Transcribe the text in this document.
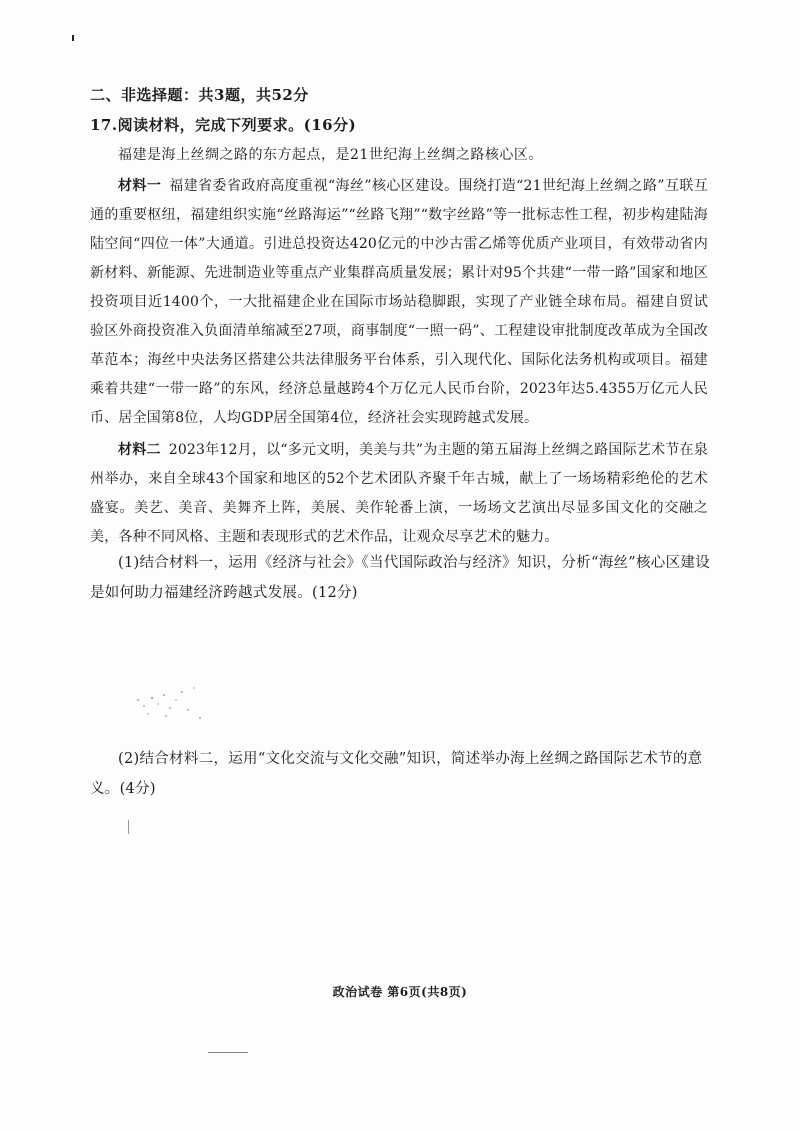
二、非选择题：共3题，共52分
17.阅读材料，完成下列要求。(16分)
福建是海上丝绸之路的东方起点，是21世纪海上丝绸之路核心区。
材料一 福建省委省政府高度重视“海丝”核心区建设。围绕打造“21世纪海上丝绸之路”互联互通的重要枢纽，福建组织实施“丝路海运”“丝路飞翔”“数字丝路”等一批标志性工程，初步构建陆海陆空间“四位一体”大通道。引进总投资达420亿元的中沙古雷乙烯等优质产业项目，有效带动省内新材料、新能源、先进制造业等重点产业集群高质量发展；累计对95个共建“一带一路”国家和地区投资项目近1400个，一大批福建企业在国际市场站稳脚跟，实现了产业链全球布局。福建自贸试验区外商投资准入负面清单缩减至27项，商事制度“一照一码”、工程建设审批制度改革成为全国改革范本；海丝中央法务区搭建公共法律服务平台体系，引入现代化、国际化法务机构或项目。福建乘着共建“一带一路”的东风，经济总量越跨4个万亿元人民币台阶，2023年达5.4355万亿元人民币、居全国第8位，人均GDP居全国第4位，经济社会实现跨越式发展。
材料二 2023年12月，以“多元文明，美美与共”为主题的第五届海上丝绸之路国际艺术节在泉州举办，来自全球43个国家和地区的52个艺术团队齐聚千年古城，献上了一场场精彩绝伦的艺术盛宴。美艺、美音、美舞齐上阵，美展、美作轮番上演，一场场文艺演出尽显多国文化的交融之美，各种不同风格、主题和表现形式的艺术作品，让观众尽享艺术的魅力。
(1)结合材料一，运用《经济与社会》《当代国际政治与经济》知识，分析“海丝”核心区建设是如何助力福建经济跨越式发展。(12分)
(2)结合材料二，运用“文化交流与文化交融”知识，简述举办海上丝绸之路国际艺术节的意义。(4分)
政治试卷 第6页(共8页)
